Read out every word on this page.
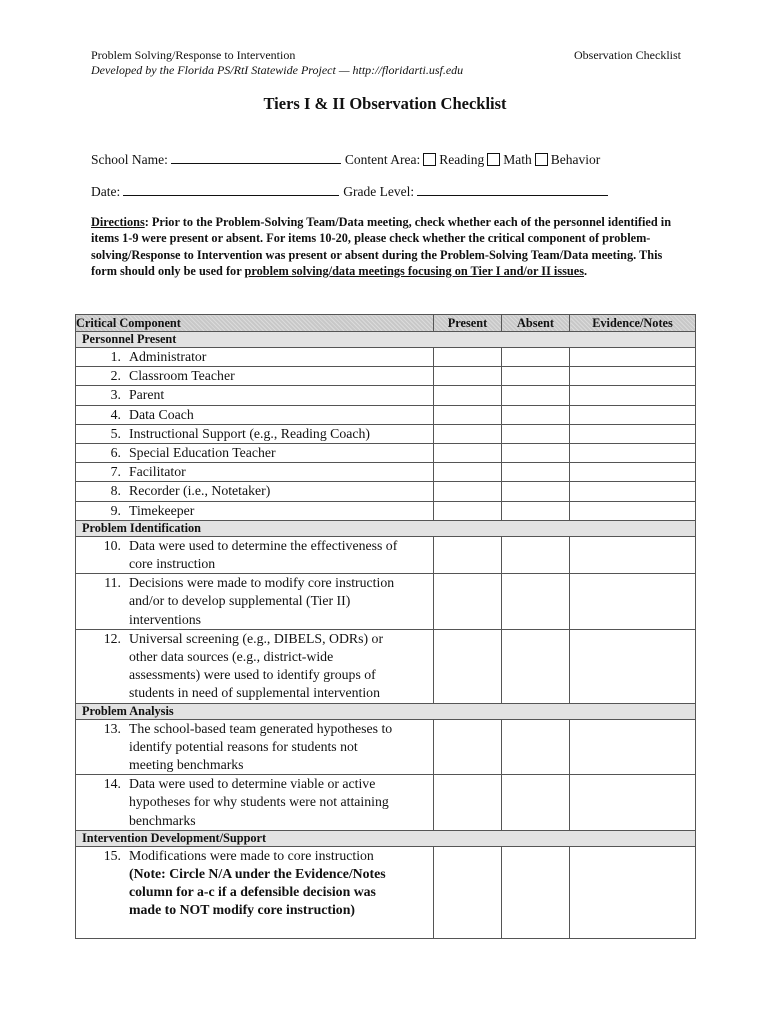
Problem Solving/Response to Intervention
Developed by the Florida PS/RtI Statewide Project — http://floridarti.usf.edu
Observation Checklist
Tiers I & II Observation Checklist
School Name:	Content Area: Reading Math Behavior
Date:	Grade Level:
Directions: Prior to the Problem-Solving Team/Data meeting, check whether each of the personnel identified in items 1-9 were present or absent. For items 10-20, please check whether the critical component of problem-solving/Response to Intervention was present or absent during the Problem-Solving Team/Data meeting. This form should only be used for problem solving/data meetings focusing on Tier I and/or II issues.
Critical Component	Present	Absent	Evidence/Notes
Personnel Present			

1. Administrator			

2. Classroom Teacher			

3. Parent			

4. Data Coach			

5. Instructional Support (e.g., Reading Coach)			

6. Special Education Teacher			

7. Facilitator			

8. Recorder (i.e., Notetaker)			

9. Timekeeper			

Problem Identification			

10. Data were used to determine the effectiveness of
core instruction			

11. Decisions were made to modify core instruction
and/or to develop supplemental (Tier II)
interventions			

12. Universal screening (e.g., DIBELS, ODRs) or
other data sources (e.g., district-wide
assessments) were used to identify groups of
students in need of supplemental intervention			

Problem Analysis			

13. The school-based team generated hypotheses to
identify potential reasons for students not
meeting benchmarks			

14. Data were used to determine viable or active
hypotheses for why students were not attaining
benchmarks			

Intervention Development/Support			

15. Modifications were made to core instruction
(Note: Circle N/A under the Evidence/Notes
column for a-c if a defensible decision was
made to NOT modify core instruction)			
